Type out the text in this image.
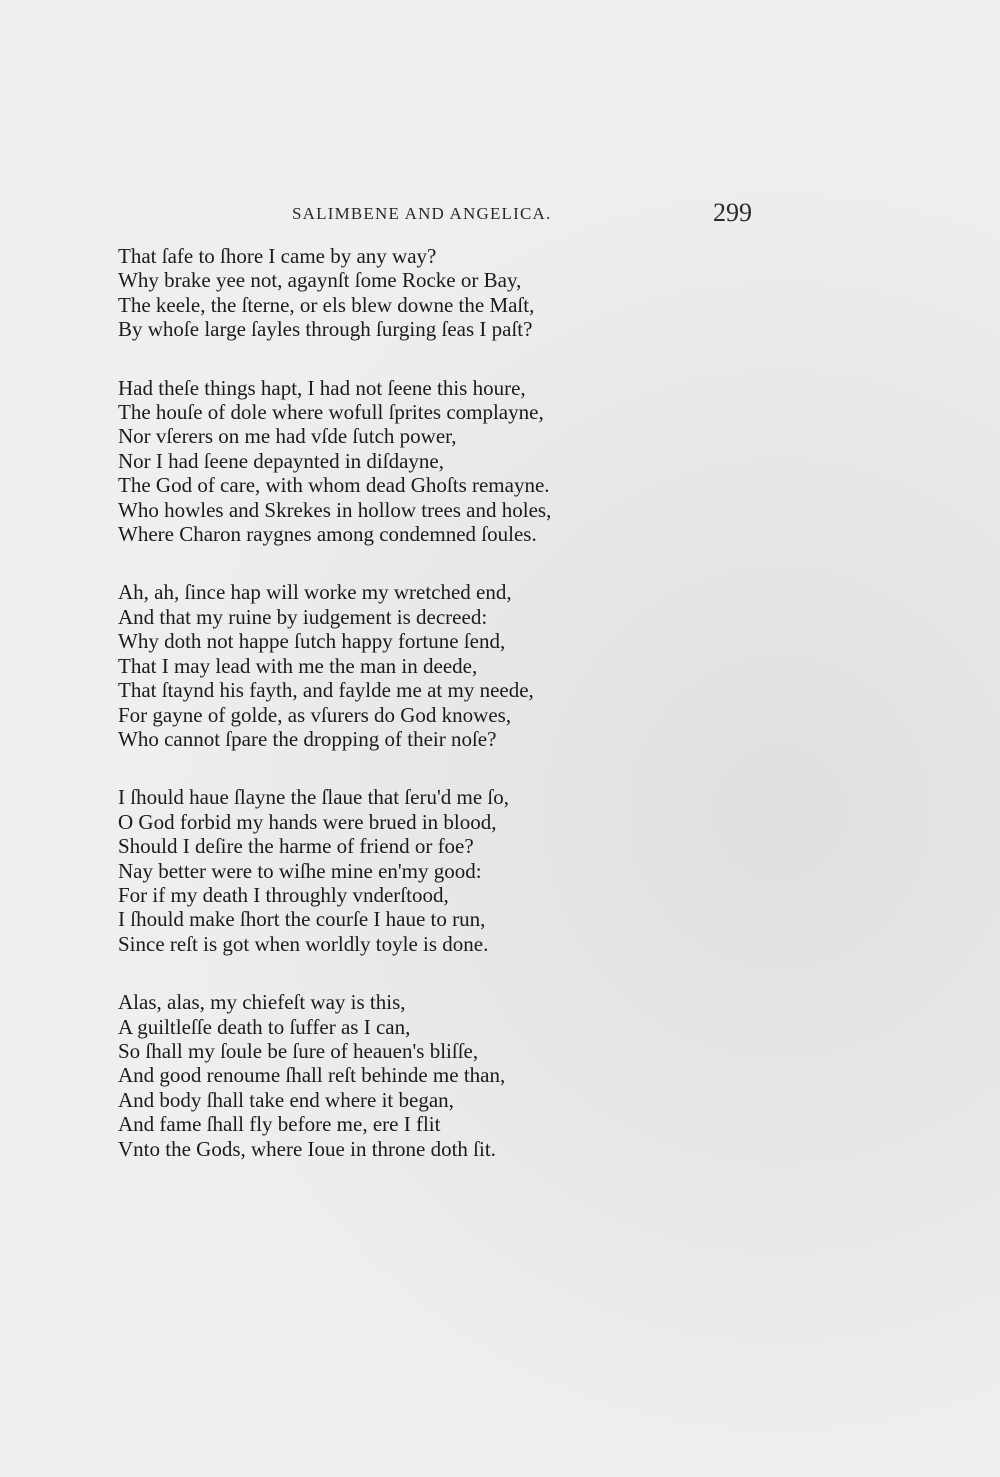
SALIMBENE AND ANGELICA.	299
That ſafe to ſhore I came by any way?
Why brake yee not, agaynſt ſome Rocke or Bay,
The keele, the ſterne, or els blew downe the Maſt,
By whoſe large ſayles through ſurging ſeas I paſt?
Had theſe things hapt, I had not ſeene this houre,
The houſe of dole where wofull ſprites complayne,
Nor vſerers on me had vſde ſutch power,
Nor I had ſeene depaynted in diſdayne,
The God of care, with whom dead Ghoſts remayne.
Who howles and Skrekes in hollow trees and holes,
Where Charon raygnes among condemned ſoules.
Ah, ah, ſince hap will worke my wretched end,
And that my ruine by iudgement is decreed:
Why doth not happe ſutch happy fortune ſend,
That I may lead with me the man in deede,
That ſtaynd his fayth, and faylde me at my neede,
For gayne of golde, as vſurers do God knowes,
Who cannot ſpare the dropping of their noſe?
I ſhould haue ſlayne the ſlaue that ſeru'd me ſo,
O God forbid my hands were brued in blood,
Should I deſire the harme of friend or foe?
Nay better were to wiſhe mine en'my good:
For if my death I throughly vnderſtood,
I ſhould make ſhort the courſe I haue to run,
Since reſt is got when worldly toyle is done.
Alas, alas, my chiefeſt way is this,
A guiltleſſe death to ſuffer as I can,
So ſhall my ſoule be ſure of heauen's bliſſe,
And good renoume ſhall reſt behinde me than,
And body ſhall take end where it began,
And fame ſhall fly before me, ere I flit
Vnto the Gods, where Ioue in throne doth ſit.
